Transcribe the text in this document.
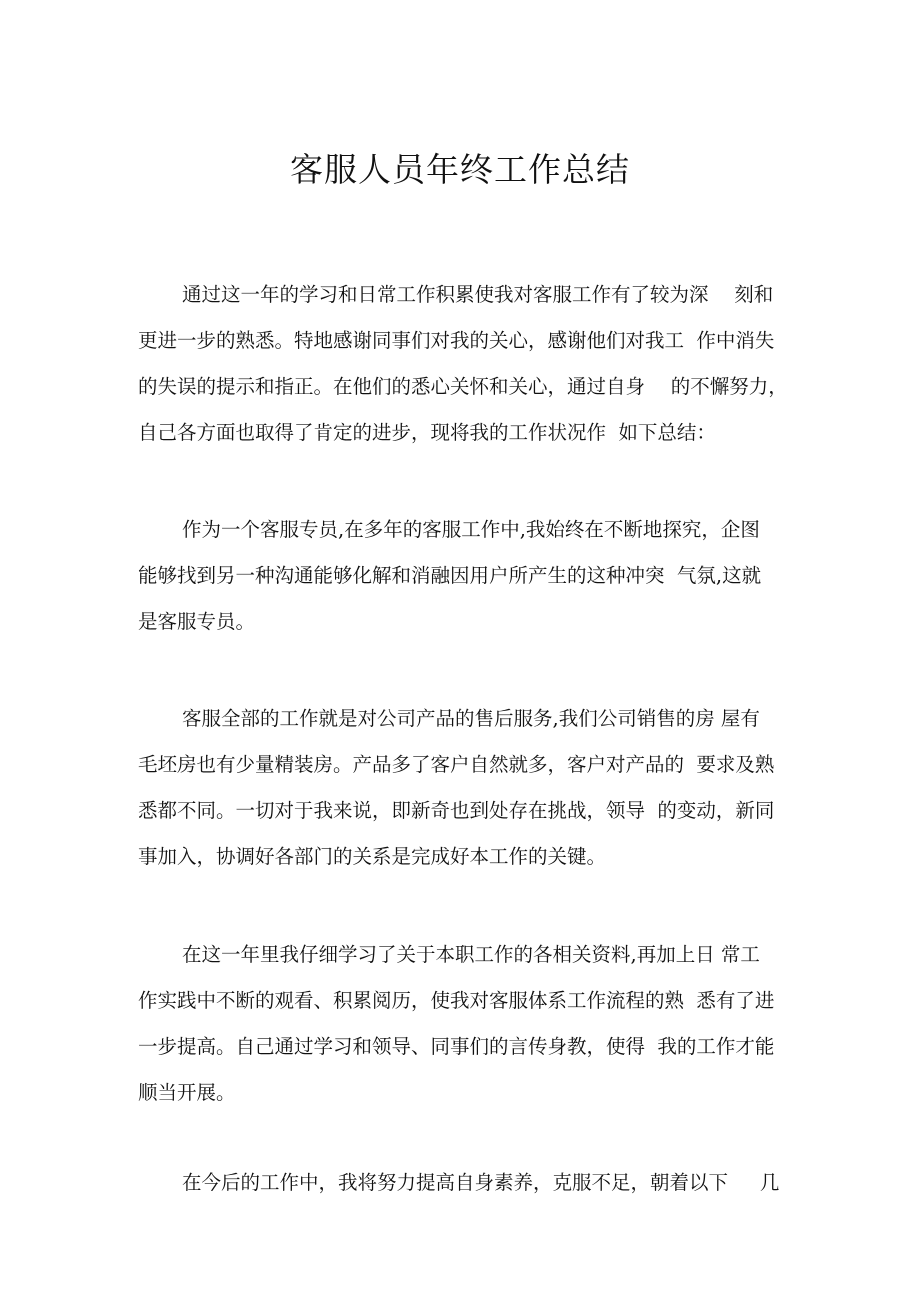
客服人员年终工作总结
通过这一年的学习和日常工作积累使我对客服工作有了较为深　 刻和
更进一步的熟悉。特地感谢同事们对我的关心，感谢他们对我工  作中消失
的失误的提示和指正。在他们的悉心关怀和关心，通过自身　 的不懈努力，
自己各方面也取得了肯定的进步，现将我的工作状况作  如下总结：
作为一个客服专员,在多年的客服工作中,我始终在不断地探究，企图
能够找到另一种沟通能够化解和消融因用户所产生的这种冲突  气氛,这就
是客服专员。
客服全部的工作就是对公司产品的售后服务,我们公司销售的房 屋有
毛坯房也有少量精装房。产品多了客户自然就多，客户对产品的  要求及熟
悉都不同。一切对于我来说，即新奇也到处存在挑战，领导  的变动，新同
事加入，协调好各部门的关系是完成好本工作的关键。
在这一年里我仔细学习了关于本职工作的各相关资料,再加上日 常工
作实践中不断的观看、积累阅历，使我对客服体系工作流程的熟  悉有了进
一步提高。自己通过学习和领导、同事们的言传身教，使得  我的工作才能
顺当开展。
在今后的工作中，我将努力提高自身素养，克服不足，朝着以下　  几
